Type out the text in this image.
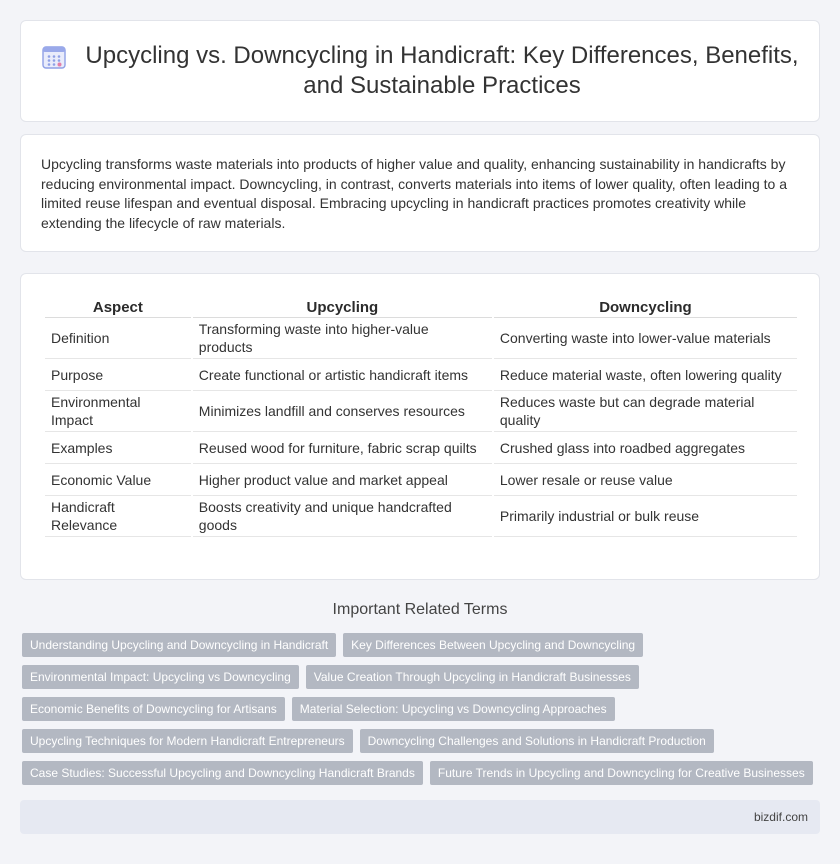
Upcycling vs. Downcycling in Handicraft: Key Differences, Benefits, and Sustainable Practices

Upcycling transforms waste materials into products of higher value and quality, enhancing sustainability in handicrafts by reducing environmental impact. Downcycling, in contrast, converts materials into items of lower quality, often leading to a limited reuse lifespan and eventual disposal. Embracing upcycling in handicraft practices promotes creativity while extending the lifecycle of raw materials.

Aspect	Upcycling	Downcycling
Definition	Transforming waste into higher-value products	Converting waste into lower-value materials
Purpose	Create functional or artistic handicraft items	Reduce material waste, often lowering quality
Environmental Impact	Minimizes landfill and conserves resources	Reduces waste but can degrade material quality
Examples	Reused wood for furniture, fabric scrap quilts	Crushed glass into roadbed aggregates
Economic Value	Higher product value and market appeal	Lower resale or reuse value
Handicraft Relevance	Boosts creativity and unique handcrafted goods	Primarily industrial or bulk reuse
Important Related Terms
Understanding Upcycling and Downcycling in Handicraft	Key Differences Between Upcycling and Downcycling
Environmental Impact: Upcycling vs Downcycling	Value Creation Through Upcycling in Handicraft Businesses
Economic Benefits of Downcycling for Artisans	Material Selection: Upcycling vs Downcycling Approaches
Upcycling Techniques for Modern Handicraft Entrepreneurs	Downcycling Challenges and Solutions in Handicraft Production
Case Studies: Successful Upcycling and Downcycling Handicraft Brands	Future Trends in Upcycling and Downcycling for Creative Businesses
bizdif.com
